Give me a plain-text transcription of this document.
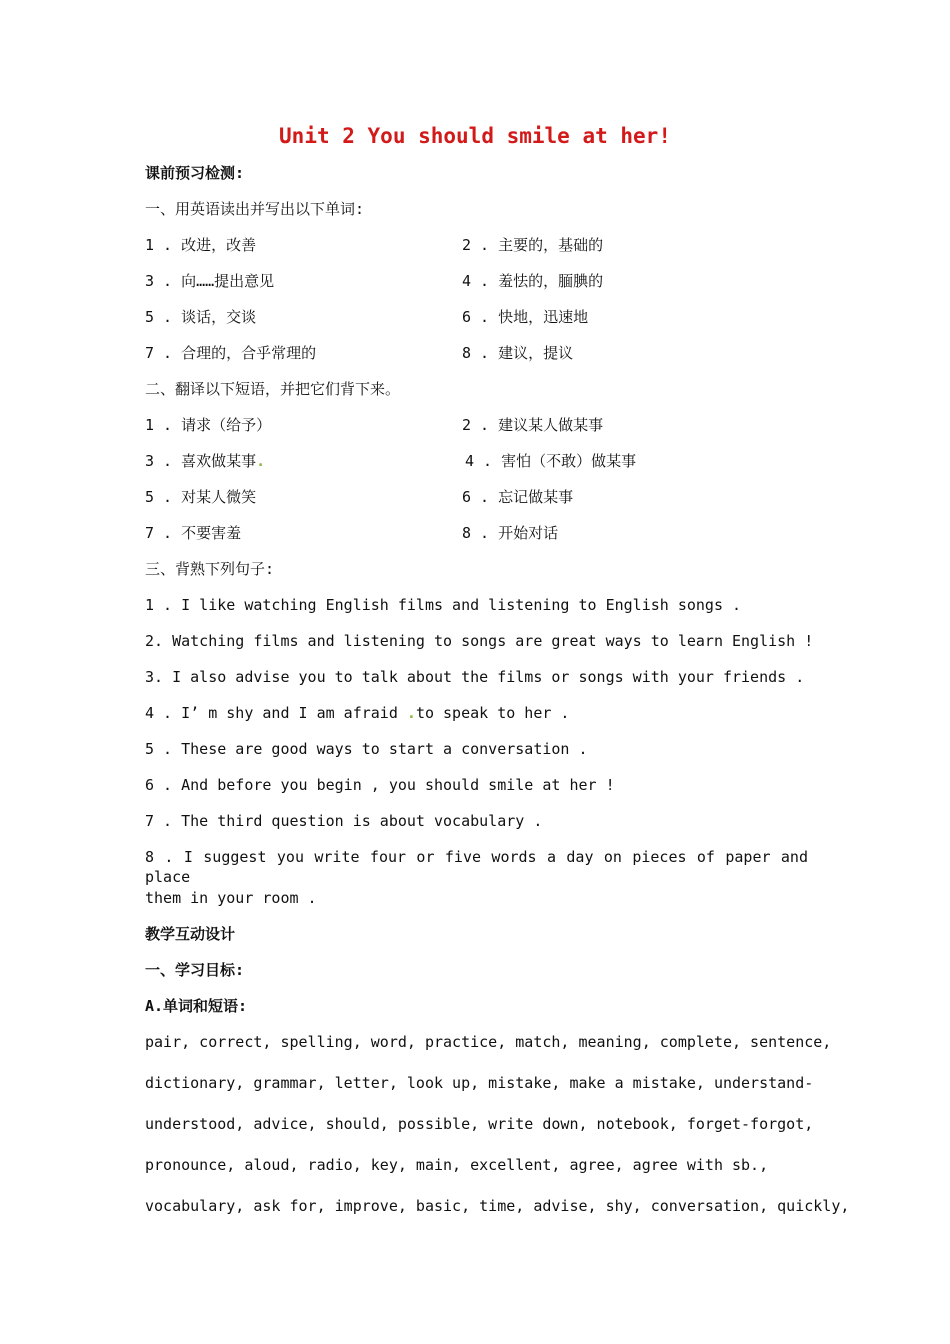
Unit 2 You should smile at her!
课前预习检测:
一、用英语读出并写出以下单词:
1 . 改进，改善	2 . 主要的，基础的
3 . 向……提出意见	4 . 羞怯的，腼腆的
5 . 谈话，交谈	6 . 快地，迅速地
7 . 合理的，合乎常理的	8 . 建议，提议
二、翻译以下短语，并把它们背下来。
1 . 请求（给予）	2 . 建议某人做某事
3 . 喜欢做某事.	4 . 害怕（不敢）做某事
5 . 对某人微笑	6 . 忘记做某事
7 . 不要害羞	8 . 开始对话
三、背熟下列句子:
1 . I like watching English films and listening to English songs .
2. Watching films and listening to songs are great ways to learn English !
3. I also advise you to talk about the films or songs with your friends .
4 . I’ m shy and I am afraid .to speak to her .
5 . These are good ways to start a conversation .
6 . And before you begin , you should smile at her !
7 . The third question is about vocabulary .
8 . I suggest you write four or five words a day on pieces of paper and place
them in your room .
教学互动设计
一、学习目标:
A.单词和短语:
pair, correct, spelling, word, practice, match, meaning, complete, sentence,
dictionary, grammar, letter, look up, mistake, make a mistake, understand-
understood, advice, should, possible, write down, notebook, forget-forgot,
pronounce, aloud, radio, key, main, excellent, agree, agree with sb.,
vocabulary, ask for, improve, basic, time, advise, shy, conversation, quickly,
